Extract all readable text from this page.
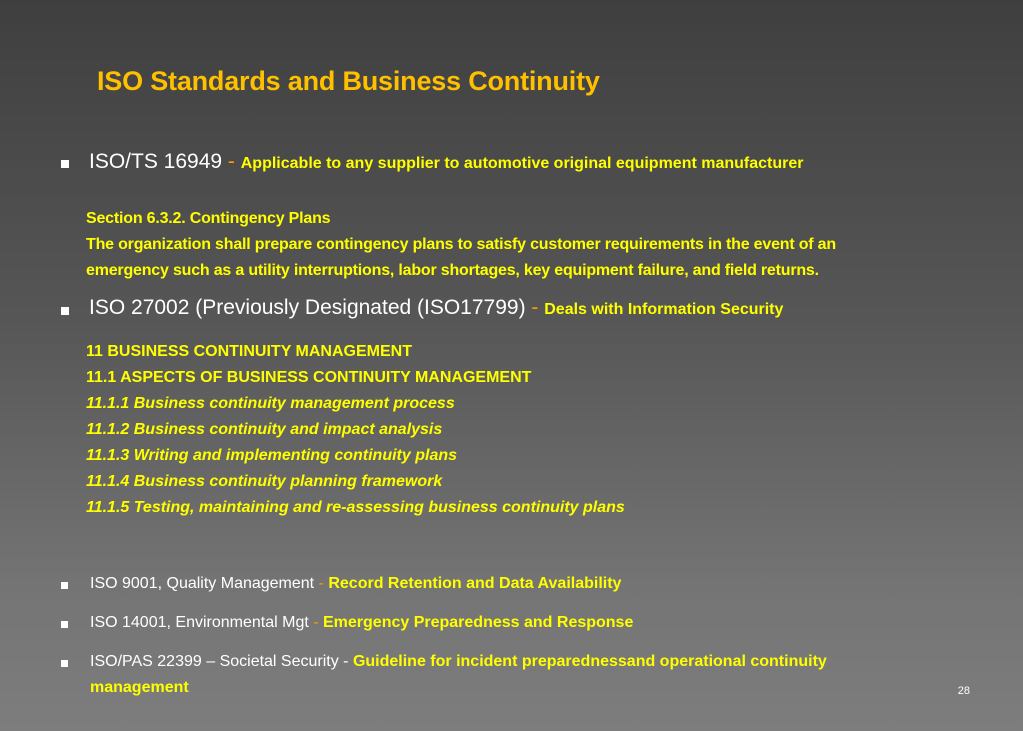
ISO Standards and Business Continuity
ISO/TS 16949 - Applicable to any supplier to automotive original equipment manufacturer
Section 6.3.2. Contingency Plans
The organization shall prepare contingency plans to satisfy customer requirements in the event of an
emergency such as a utility interruptions, labor shortages, key equipment failure, and field returns.
ISO 27002 (Previously Designated (ISO17799) - Deals with Information Security
11 BUSINESS CONTINUITY MANAGEMENT
11.1 ASPECTS OF BUSINESS CONTINUITY MANAGEMENT
11.1.1 Business continuity management process
11.1.2 Business continuity and impact analysis
11.1.3 Writing and implementing continuity plans
11.1.4 Business continuity planning framework
11.1.5 Testing, maintaining and re-assessing business continuity plans
ISO 9001, Quality Management - Record Retention and Data Availability
ISO 14001, Environmental Mgt - Emergency Preparedness and Response
ISO/PAS 22399 – Societal Security - Guideline for incident preparednessand operational continuity
management	28
